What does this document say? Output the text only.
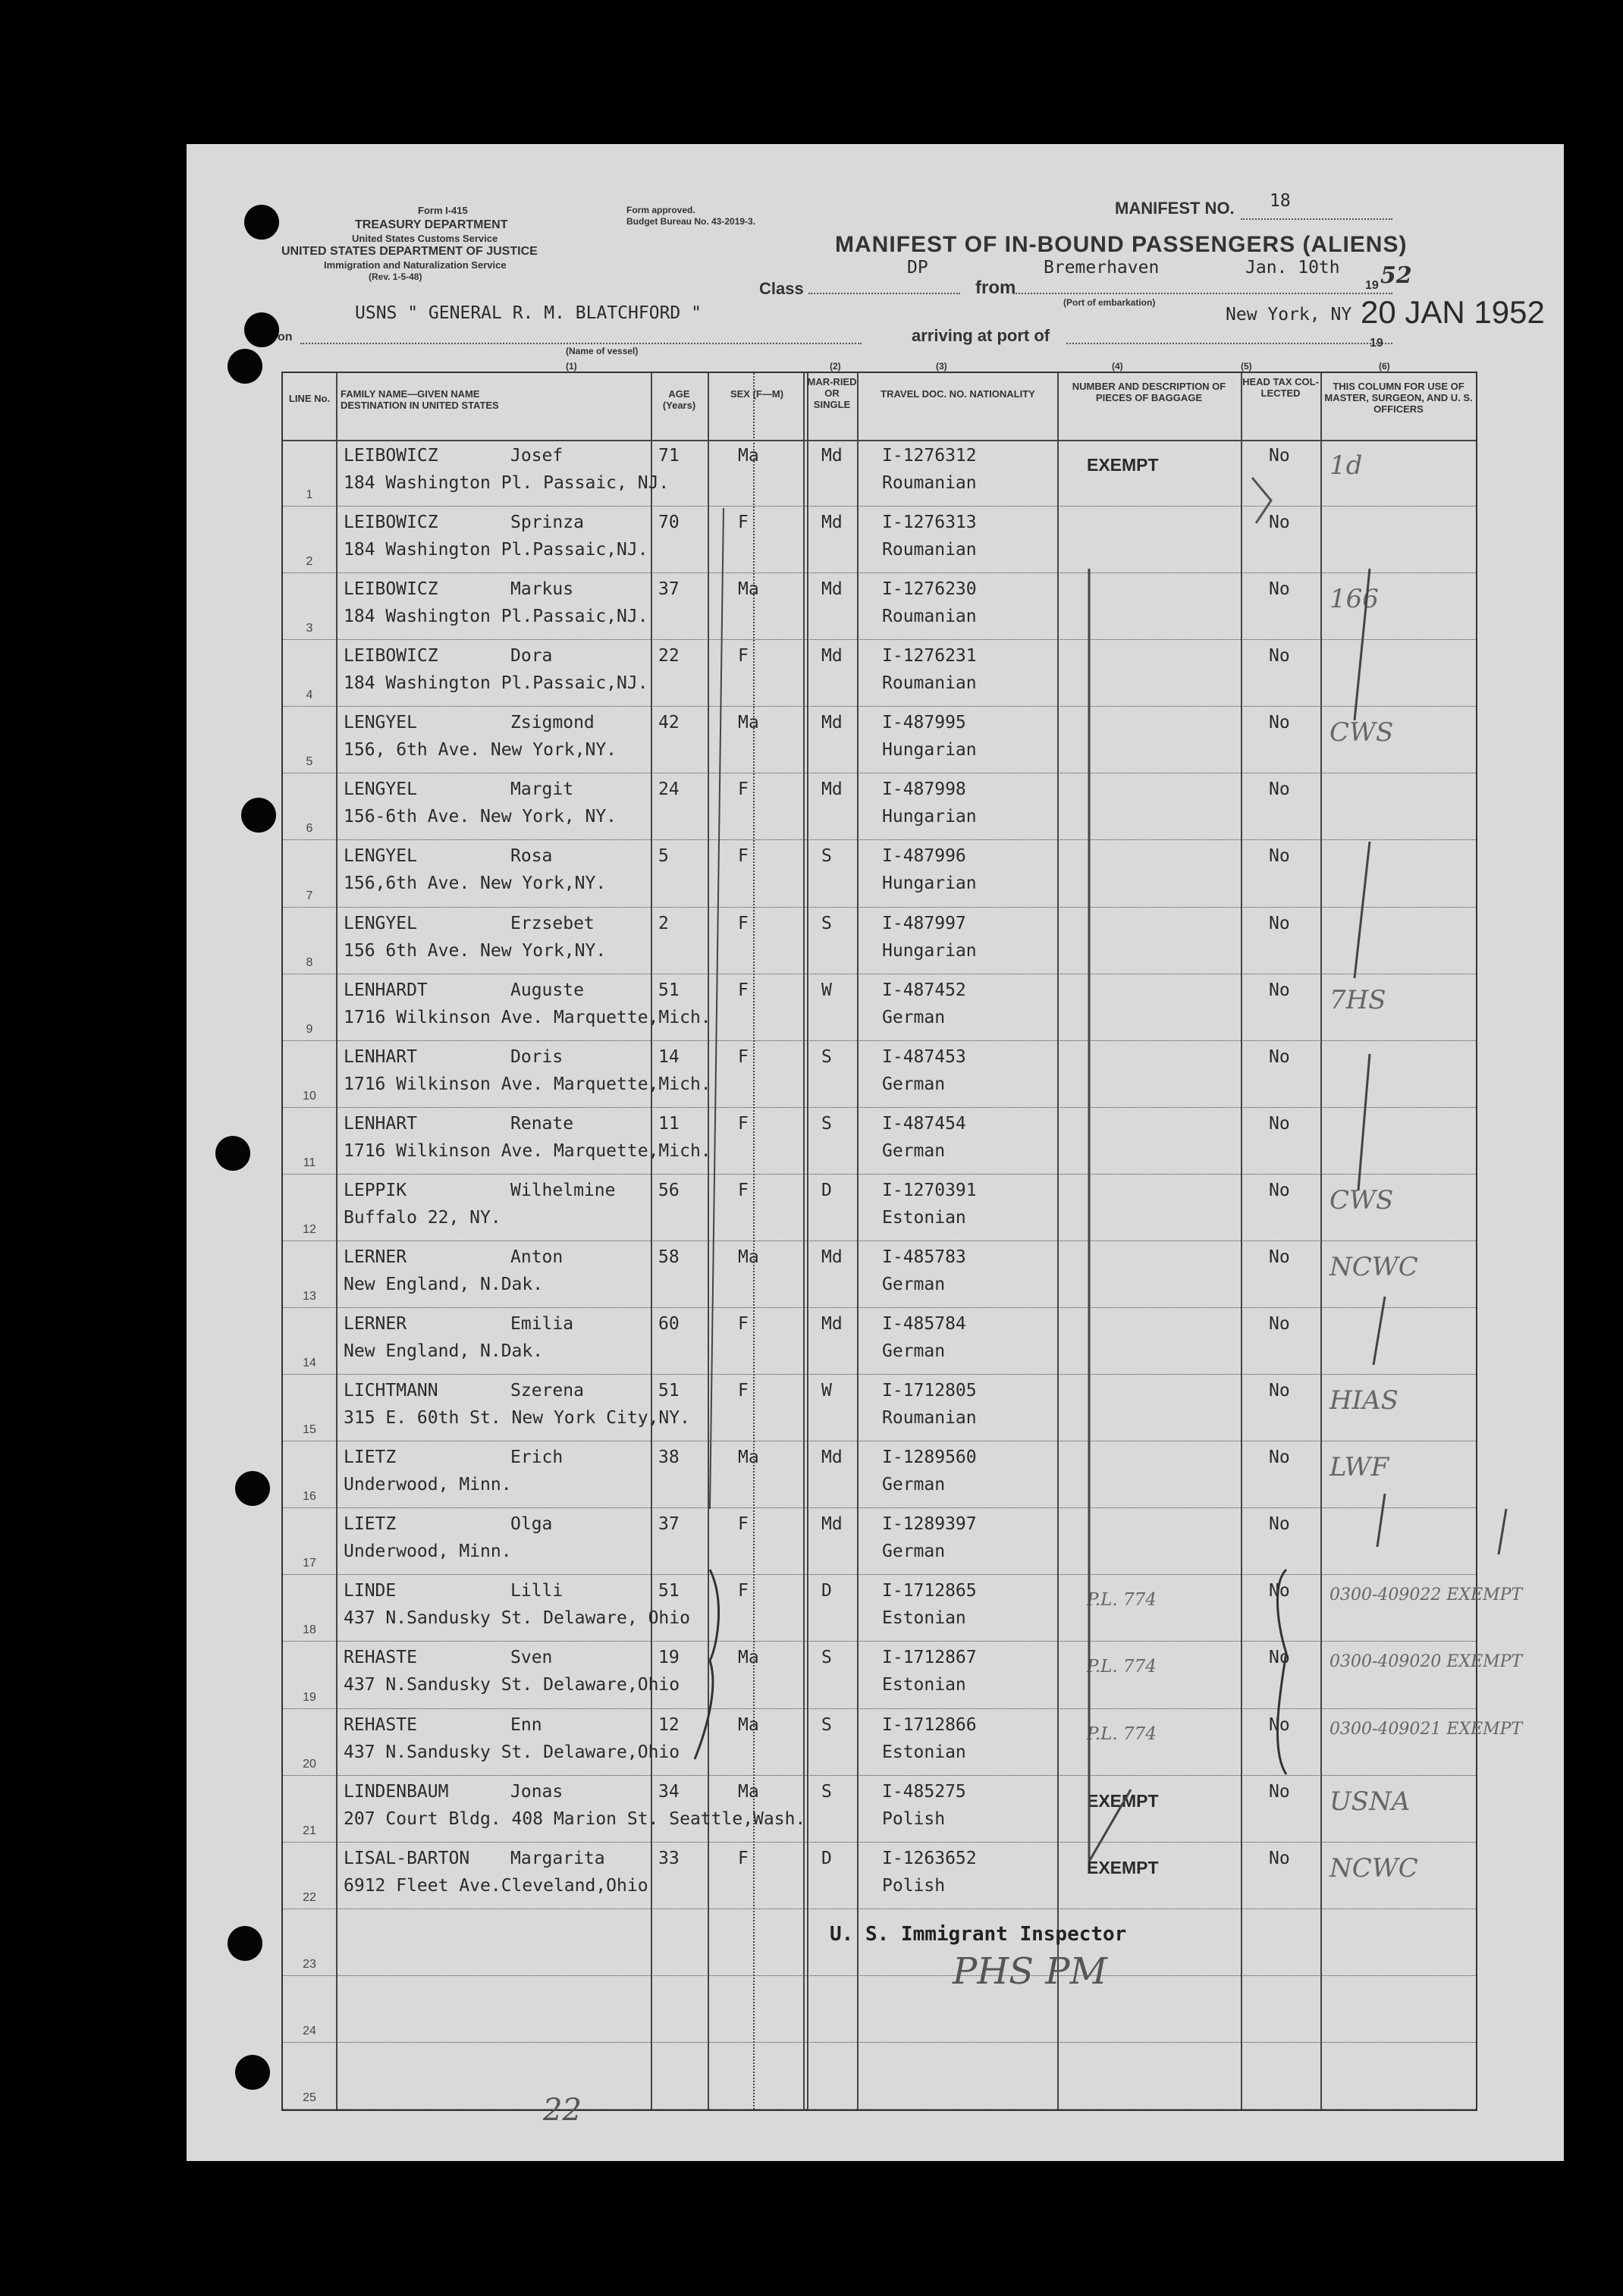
Form I-415
TREASURY DEPARTMENT
United States Customs Service
UNITED STATES DEPARTMENT OF JUSTICE
Immigration and Naturalization Service
(Rev. 1-5-48)
Form approved.
Budget Bureau No. 43-2019-3.
MANIFEST NO. 18
MANIFEST OF IN-BOUND PASSENGERS (ALIENS)
Class
DP
from
Bremerhaven	Jan. 10th
19 52
(Port of embarkation)
on
USNS " GENERAL R. M. BLATCHFORD "
(Name of vessel)
arriving at port of
New York, NY 20 JAN 1952
19
(1)	(2)	(3)	(4)	(5)	(6)
LINE No.	FAMILY NAME—GIVEN NAME DESTINATION IN UNITED STATES
AGE (Years)
SEX (F—M)
MAR-RIED OR SINGLE
TRAVEL DOC. NO. NATIONALITY
NUMBER AND DESCRIPTION OF PIECES OF BAGGAGE
HEAD TAX COL-LECTED
THIS COLUMN FOR USE OF MASTER, SURGEON, AND U. S. OFFICERS
1
LEIBOWICZ	Josef
184 Washington Pl. Passaic, NJ.
71	Ma	Md I-1276312
Roumanian
EXEMPT	No 1d
2
LEIBOWICZ	Sprinza
184 Washington Pl.Passaic,NJ.
70	F	Md I-1276313
Roumanian
No
3
LEIBOWICZ	Markus
184 Washington Pl.Passaic,NJ.
37	Ma	Md I-1276230
Roumanian
No 166
4
LEIBOWICZ	Dora
184 Washington Pl.Passaic,NJ.
22	F	Md I-1276231
Roumanian
No
5
LENGYEL	Zsigmond
156, 6th Ave. New York,NY.
42	Ma	Md I-487995
Hungarian
No CWS
6
LENGYEL	Margit
156-6th Ave. New York, NY.
24	F	Md I-487998
Hungarian
No
7
LENGYEL	Rosa
156,6th Ave. New York,NY.
5	F	S	I-487996
Hungarian
No
8
LENGYEL	Erzsebet
156 6th Ave. New York,NY.
2	F	S	I-487997
Hungarian
No
9
LENHARDT	Auguste
1716 Wilkinson Ave. Marquette,Mich.
51	F	W	I-487452
German
No 7HS
10
LENHART	Doris
1716 Wilkinson Ave. Marquette,Mich.
14	F	S	I-487453
German
No
11
LENHART	Renate
1716 Wilkinson Ave. Marquette,Mich.
11	F	S	I-487454
German
No
12
LEPPIK	Wilhelmine
Buffalo 22, NY.
56	F	D	I-1270391
Estonian
No CWS
13
LERNER	Anton
New England, N.Dak.
58	Ma	Md I-485783
German
No NCWC
14
LERNER	Emilia
New England, N.Dak.
60	F	Md I-485784
German
No
15
LICHTMANN	Szerena
315 E. 60th St. New York City,NY.
51	F	W	I-1712805
Roumanian
No HIAS
16
LIETZ	Erich
Underwood, Minn.
38	Ma	Md I-1289560
German
No LWF
17
LIETZ	Olga
Underwood, Minn.
37	F	Md I-1289397
German
No
18
LINDE	Lilli
437 N.Sandusky St. Delaware, Ohio
51	F	D	I-1712865
Estonian
P.L. 774	No 0300-409022 EXEMPT
19
REHASTE	Sven
437 N.Sandusky St. Delaware,Ohio
19	Ma	S	I-1712867
Estonian
P.L. 774	No 0300-409020 EXEMPT
20
REHASTE	Enn
437 N.Sandusky St. Delaware,Ohio
12	Ma	S	I-1712866
Estonian
P.L. 774	No 0300-409021 EXEMPT
21
LINDENBAUM	Jonas
207 Court Bldg. 408 Marion St. Seattle,Wash.
34	Ma	S	I-485275
Polish
EXEMPT	No USNA
22
LISAL-BARTON Margarita
6912 Fleet Ave.Cleveland,Ohio
33	F	D	I-1263652
Polish
EXEMPT	No NCWC
23
24
25
U. S. Immigrant Inspector
PHS PM
22
